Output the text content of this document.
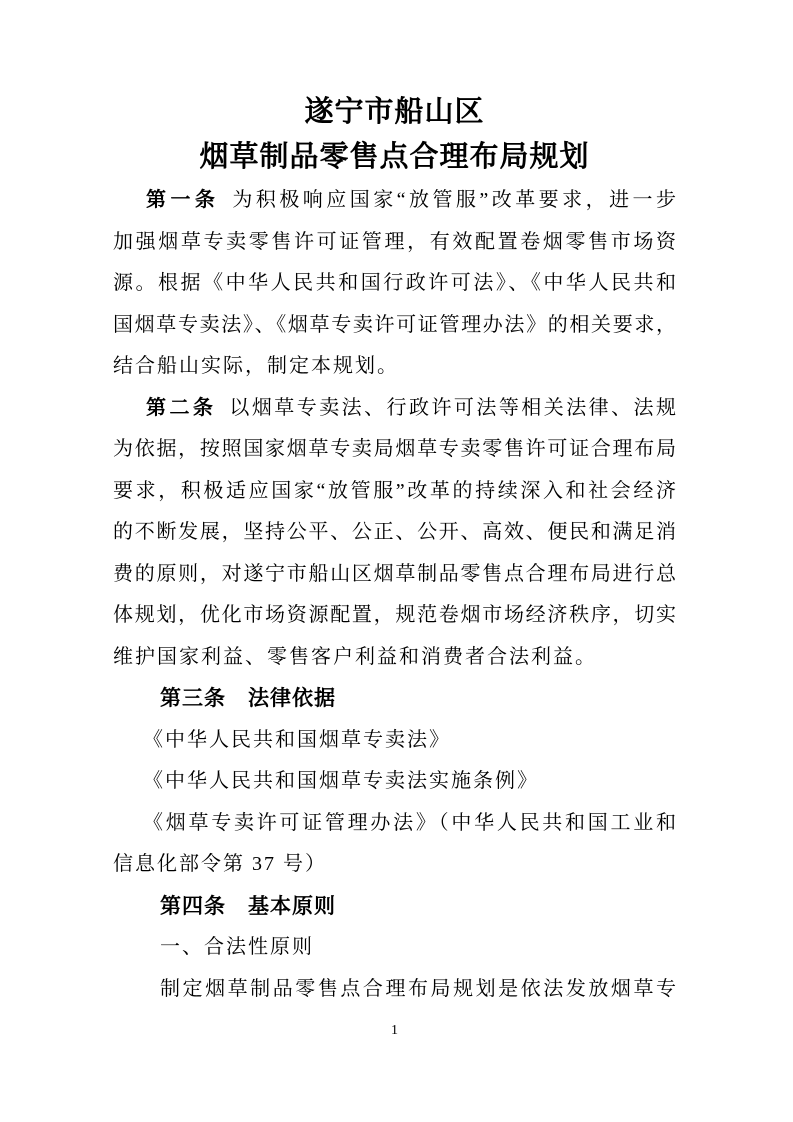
遂宁市船山区
烟草制品零售点合理布局规划

第一条 为积极响应国家“放管服”改革要求，进一步

加强烟草专卖零售许可证管理，有效配置卷烟零售市场资

源。根据《中华人民共和国行政许可法》、《中华人民共和

国烟草专卖法》、《烟草专卖许可证管理办法》的相关要求，

结合船山实际，制定本规划。

第二条 以烟草专卖法、行政许可法等相关法律、法规

为依据，按照国家烟草专卖局烟草专卖零售许可证合理布局

要求，积极适应国家“放管服”改革的持续深入和社会经济

的不断发展，坚持公平、公正、公开、高效、便民和满足消

费的原则，对遂宁市船山区烟草制品零售点合理布局进行总

体规划，优化市场资源配置，规范卷烟市场经济秩序，切实

维护国家利益、零售客户利益和消费者合法利益。

第三条　法律依据

《中华人民共和国烟草专卖法》

《中华人民共和国烟草专卖法实施条例》

《烟草专卖许可证管理办法》（中华人民共和国工业和

信息化部令第 37 号）

第四条　基本原则

一、合法性原则

制定烟草制品零售点合理布局规划是依法发放烟草专

1
